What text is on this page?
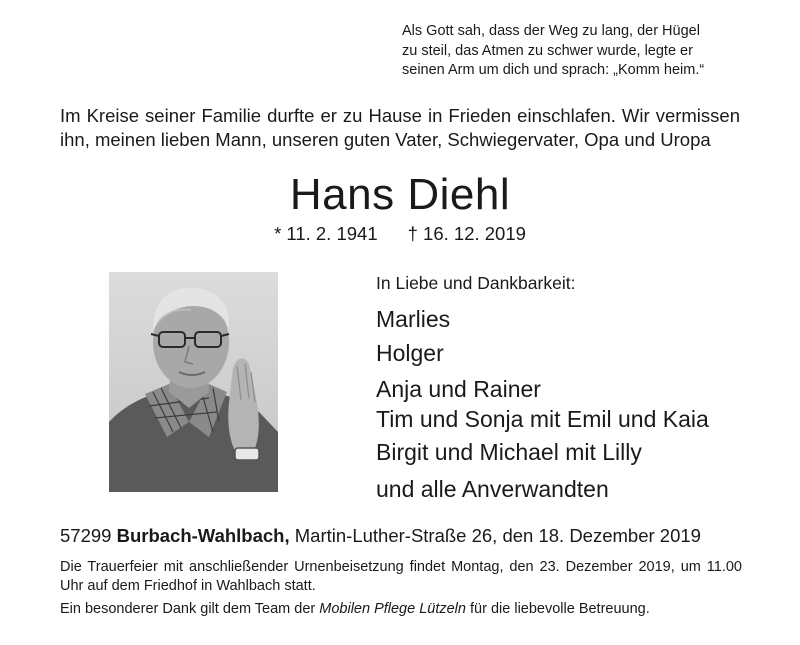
Als Gott sah, dass der Weg zu lang, der Hügel
zu steil, das Atmen zu schwer wurde, legte er
seinen Arm um dich und sprach: „Komm heim.“
Im Kreise seiner Familie durfte er zu Hause in Frieden einschlafen. Wir vermissen ihn, meinen lieben Mann, unseren guten Vater, Schwiegervater, Opa und Uropa
Hans Diehl
* 11. 2. 1941 † 16. 12. 2019
In Liebe und Dankbarkeit:
Marlies
Holger
Anja und Rainer
Tim und Sonja mit Emil und Kaia
Birgit und Michael mit Lilly
und alle Anverwandten
57299 Burbach-Wahlbach, Martin-Luther-Straße 26, den 18. Dezember 2019
Die Trauerfeier mit anschließender Urnenbeisetzung findet Montag, den 23. Dezember 2019, um 11.00 Uhr auf dem Friedhof in Wahlbach statt.
Ein besonderer Dank gilt dem Team der Mobilen Pflege Lützeln für die liebevolle Betreuung.
